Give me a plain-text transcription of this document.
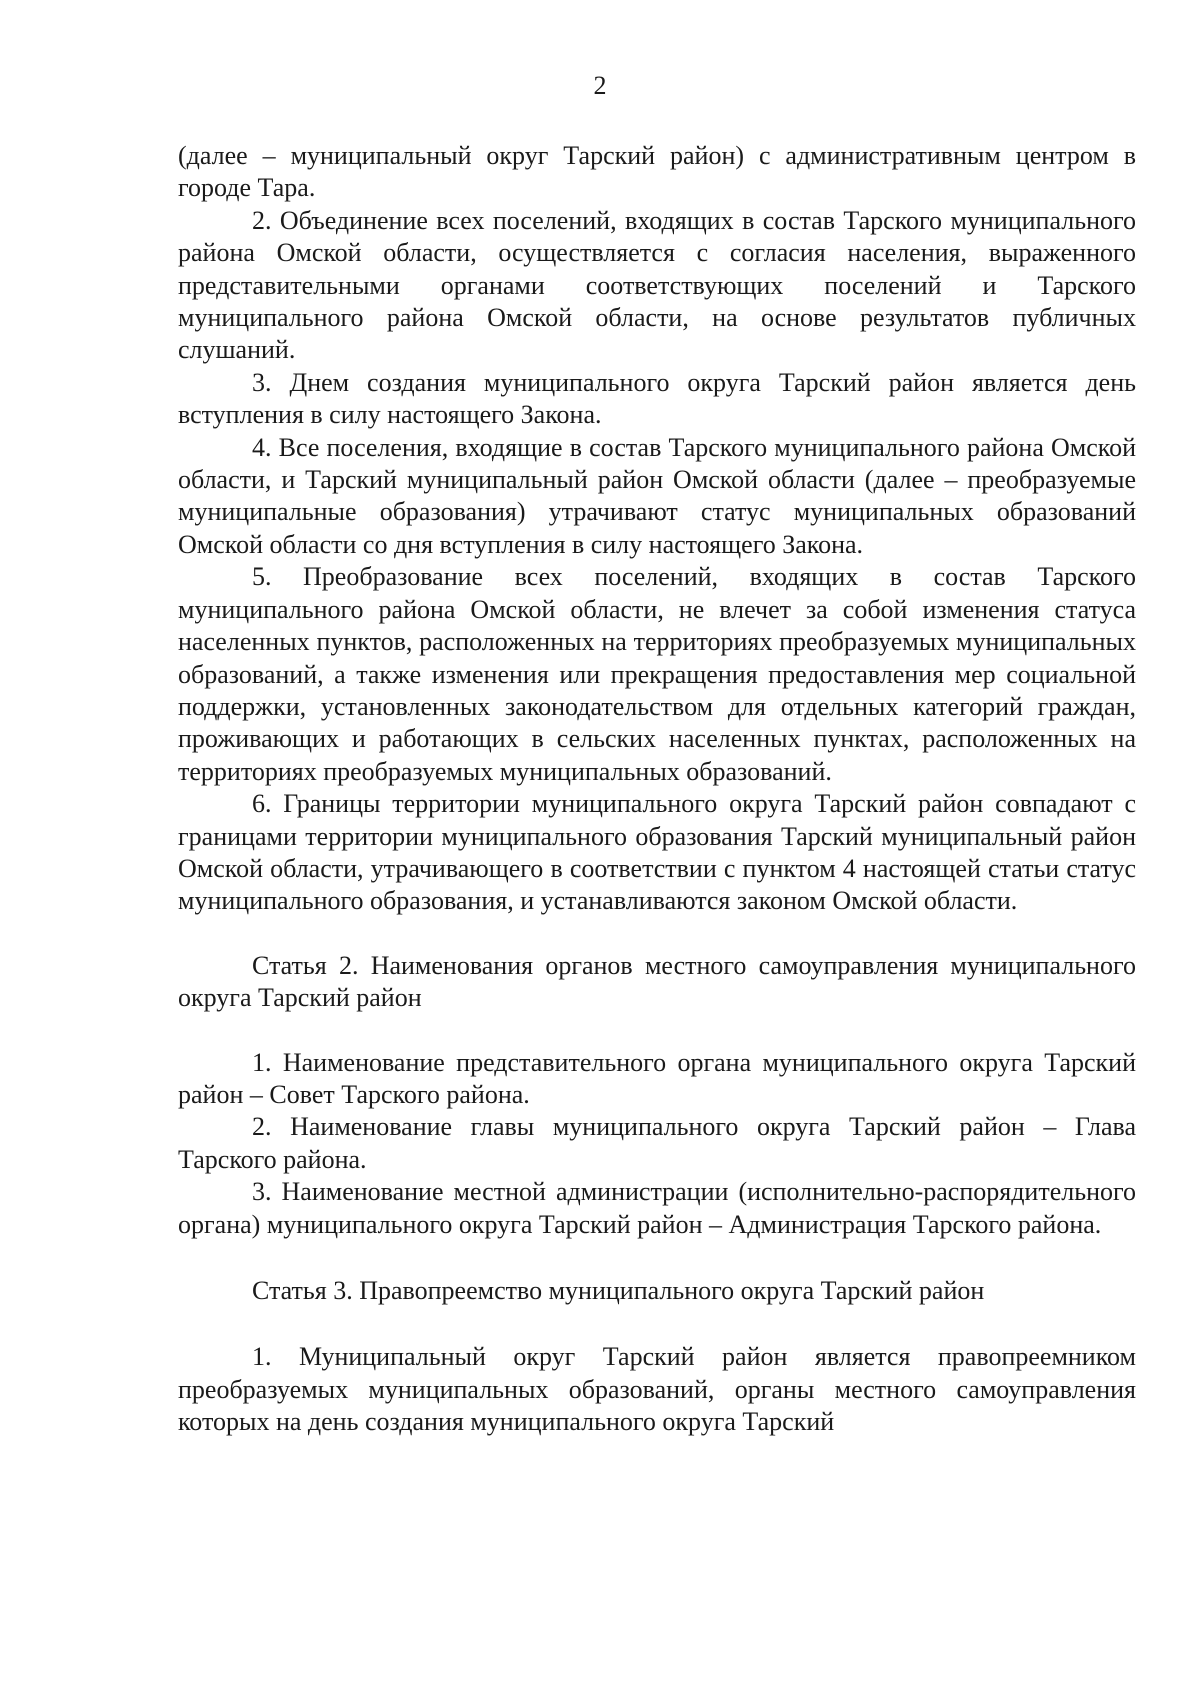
2

(далее – муниципальный округ Тарский район) с административным центром в городе Тара.

2. Объединение всех поселений, входящих в состав Тарского муниципального района Омской области, осуществляется с согласия населения, выраженного представительными органами соответствующих поселений и Тарского муниципального района Омской области, на основе результатов публичных слушаний.

3. Днем создания муниципального округа Тарский район является день вступления в силу настоящего Закона.

4. Все поселения, входящие в состав Тарского муниципального района Омской области, и Тарский муниципальный район Омской области (далее – преобразуемые муниципальные образования) утрачивают статус муниципальных образований Омской области со дня вступления в силу настоящего Закона.

5. Преобразование всех поселений, входящих в состав Тарского муниципального района Омской области, не влечет за собой изменения статуса населенных пунктов, расположенных на территориях преобразуемых муниципальных образований, а также изменения или прекращения предоставления мер социальной поддержки, установленных законодательством для отдельных категорий граждан, проживающих и работающих в сельских населенных пунктах, расположенных на территориях преобразуемых муниципальных образований.

6. Границы территории муниципального округа Тарский район совпадают с границами территории муниципального образования Тарский муниципальный район Омской области, утрачивающего в соответствии с пунктом 4 настоящей статьи статус муниципального образования, и устанавливаются законом Омской области.

Статья 2. Наименования органов местного самоуправления муниципального округа Тарский район

1. Наименование представительного органа муниципального округа Тарский район – Совет Тарского района.

2. Наименование главы муниципального округа Тарский район – Глава Тарского района.

3. Наименование местной администрации (исполнительно-распорядительного органа) муниципального округа Тарский район – Администрация Тарского района.

Статья 3. Правопреемство муниципального округа Тарский район

1. Муниципальный округ Тарский район является правопреемником преобразуемых муниципальных образований, органы местного самоуправления которых на день создания муниципального округа Тарский
